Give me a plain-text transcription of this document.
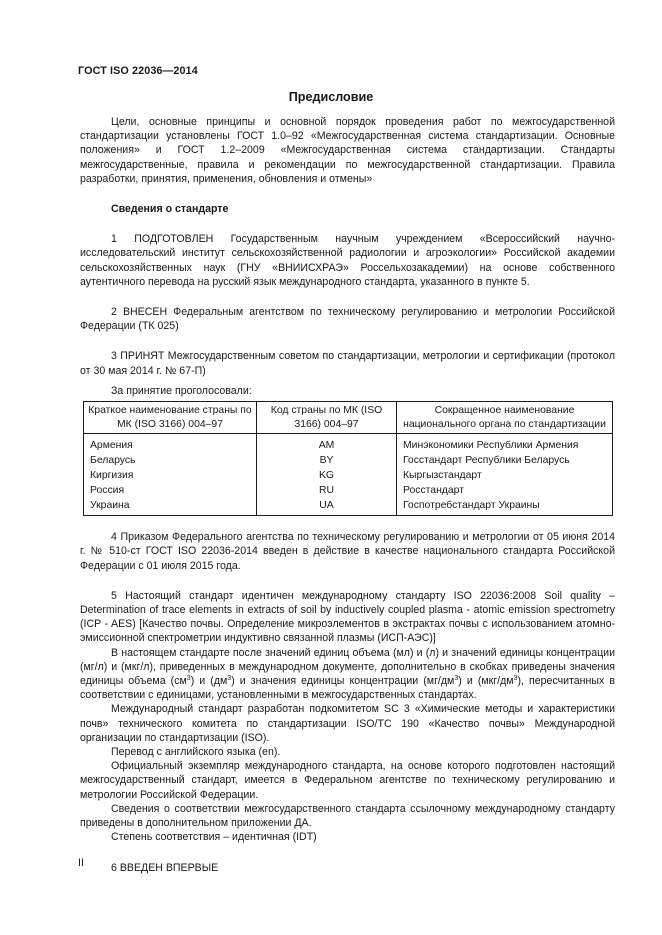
ГОСТ ISO 22036—2014
Предисловие

Цели, основные принципы и основной порядок проведения работ по межгосударственной стандартизации установлены ГОСТ 1.0–92 «Межгосударственная система стандартизации. Основные положения» и ГОСТ 1.2–2009 «Межгосударственная система стандартизации. Стандарты межгосударственные, правила и рекомендации по межгосударственной стандартизации. Правила разработки, принятия, применения, обновления и отмены»

Сведения о стандарте

1 ПОДГОТОВЛЕН Государственным научным учреждением «Всероссийский научно-исследовательский институт сельскохозяйственной радиологии и агроэкологии» Российской академии сельскохозяйственных наук (ГНУ «ВНИИСХРАЭ» Россельхозакадемии) на основе собственного аутентичного перевода на русский язык международного стандарта, указанного в пункте 5.

2 ВНЕСЕН Федеральным агентством по техническому регулированию и метрологии Российской Федерации (ТК 025)

3 ПРИНЯТ Межгосударственным советом по стандартизации, метрологии и сертификации (протокол от 30 мая 2014 г. № 67-П)

За принятие проголосовали:

Краткое наименование страны по МК (ISO 3166) 004–97	Код страны по МК (ISO 3166) 004–97	Сокращенное наименование национального органа по стандартизации
Армения	AM	Минэкономики Республики Армения
Беларусь	BY	Госстандарт Республики Беларусь
Киргизия	KG	Кыргызстандарт
Россия	RU	Росстандарт
Украина	UA	Госпотребстандарт Украины

4 Приказом Федерального агентства по техническому регулированию и метрологии от 05 июня 2014 г. № 510-ст ГОСТ ISO 22036-2014 введен в действие в качестве национального стандарта Российской Федерации с 01 июля 2015 года.

5 Настоящий стандарт идентичен международному стандарту ISO 22036:2008 Soil quality – Determination of trace elements in extracts of soil by inductively coupled plasma - atomic emission spectrometry (ICP - AES) [Качество почвы. Определение микроэлементов в экстрактах почвы с использованием атомно-эмиссионной спектрометрии индуктивно связанной плазмы (ИСП-АЭС)]

В настоящем стандарте после значений единиц объема (мл) и (л) и значений единицы концентрации (мг/л) и (мкг/л), приведенных в международном документе, дополнительно в скобках приведены значения единицы объема $(см^3)$ и $(дм^3)$ и значения единицы концентрации $(мг/дм^3)$ и $(мкг/дм^3)$, пересчитанных в соответствии с единицами, установленными в межгосударственных стандартах.

Международный стандарт разработан подкомитетом SC 3 «Химические методы и характеристики почв» технического комитета по стандартизации ISO/TC 190 «Качество почвы» Международной организации по стандартизации (ISO).

Перевод с английского языка (en).

Официальный экземпляр международного стандарта, на основе которого подготовлен настоящий межгосударственный стандарт, имеется в Федеральном агентстве по техническому регулированию и метрологии Российской Федерации.

Сведения о соответствии межгосударственного стандарта ссылочному международному стандарту приведены в дополнительном приложении ДА.

Степень соответствия – идентичная (IDT)

6 ВВЕДЕН ВПЕРВЫЕ

II
